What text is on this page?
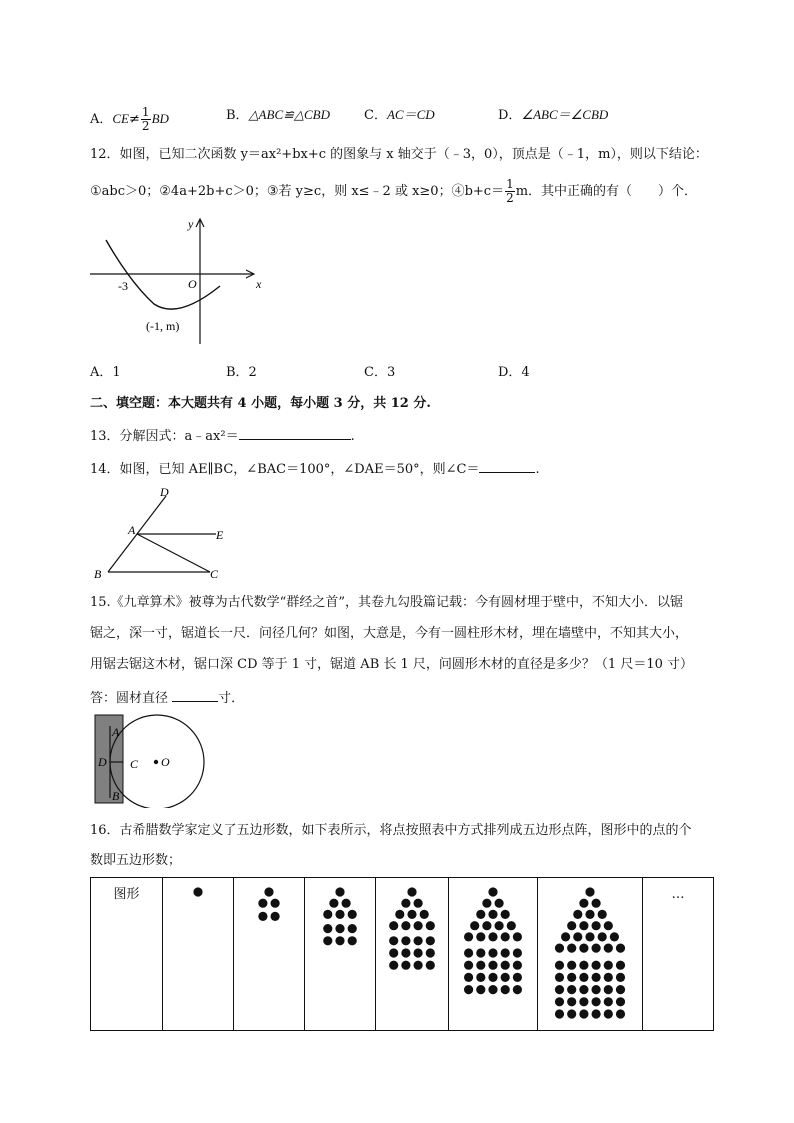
A．$CE\ne \frac{1}{2}$ BD	B．△ABC≌△CBD	C．AC＝CD	D．∠ABC＝∠CBD
12．如图，已知二次函数 y＝ax²+bx+c 的图象与 x 轴交于（﹣3，0），顶点是（﹣1，m），则以下结论：
①abc＞0；②4a+2b+c＞0；③若 y≥c，则 x≤﹣2 或 x≥0；④b+c＝ $\frac{1}{2}$ m．其中正确的有（　　）个．
y
x
O
-3
(-1, m)
A．1	B．2	C．3	D．4
二、填空题：本大题共有 4 小题，每小题 3 分，共 12 分.
13．分解因式：a﹣ax²＝	.
14．如图，已知 AE∥BC，∠BAC＝100°，∠DAE＝50°，则∠C＝	.
D
A	E
B	C
15.《九章算术》被尊为古代数学“群经之首”，其卷九勾股篇记载：今有圆材埋于壁中，不知大小．以锯
锯之，深一寸，锯道长一尺．问径几何？如图，大意是，今有一圆柱形木材，埋在墙壁中，不知其大小，
用锯去锯这木材，锯口深 CD 等于 1 寸，锯道 AB 长 1 尺，问圆形木材的直径是多少？（1 尺＝10 寸）
答：圆材直径	寸．
A
D
B
C O
16．古希腊数学家定义了五边形数，如下表所示，将点按照表中方式排列成五边形点阵，图形中的点的个
数即五边形数；
图形							…
